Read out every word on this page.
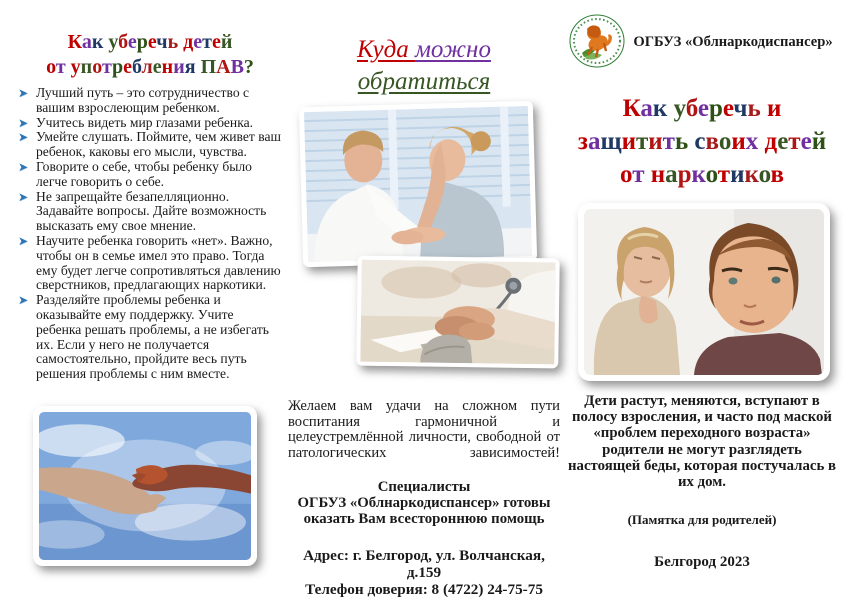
Как уберечь детей
от употребления ПАВ?
➤ Лучший путь – это сотрудничество с вашим взрослеющим ребенком.
➤ Учитесь видеть мир глазами ребенка.
➤ Умейте слушать. Поймите, чем живет ваш ребенок, каковы его мысли, чувства.
➤ Говорите о себе, чтобы ребенку было легче говорить о себе.
➤ Не запрещайте безапелляционно. Задавайте вопросы. Дайте возможность высказать ему свое мнение.
➤ Научите ребенка говорить «нет». Важно, чтобы он в семье имел это право. Тогда ему будет легче сопротивляться давлению сверстников, предлагающих наркотики.
➤ Разделяйте проблемы ребенка и оказывайте ему поддержку. Учите ребенка решать проблемы, а не избегать их. Если у него не получается самостоятельно, пройдите весь путь решения проблемы с ним вместе.
Куда можно обратиться

Желаем вам удачи на сложном пути воспитания гармоничной и целеустремлённой личности, свободной от патологических зависимостей!

Специалисты

ОГБУЗ «Облнаркодиспансер» готовы

оказать Вам всестороннюю помощь

Адрес: г. Белгород, ул. Волчанская, д.159

Телефон доверия: 8 (4722) 24-75-75

ОГБУЗ «Облнаркодиспансер»
Как уберечь и
защитить своих детей
от наркотиков

Дети растут, меняются, вступают в полосу взросления, и часто под маской «проблем переходного возраста» родители не могут разглядеть настоящей беды, которая постучалась в их дом.

(Памятка для родителей)

Белгород 2023
